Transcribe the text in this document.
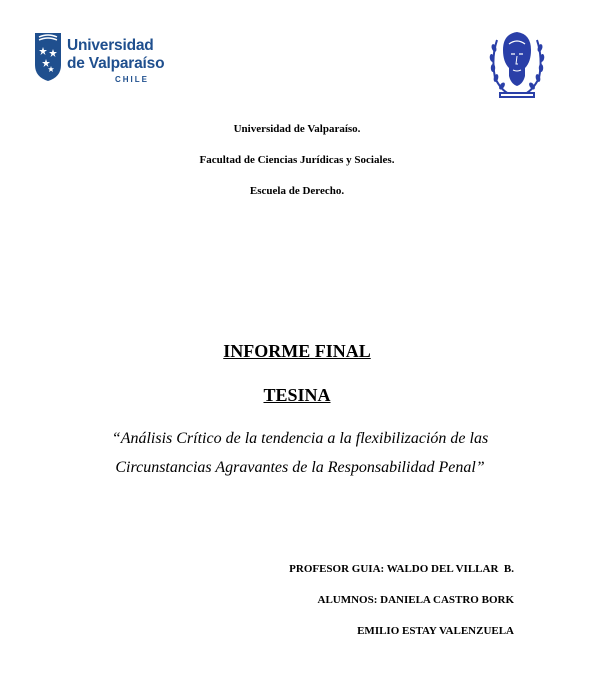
Universidad
de Valparaíso
CHILE
Universidad de Valparaíso.
Facultad de Ciencias Jurídicas y Sociales.
Escuela de Derecho.
INFORME FINAL
TESINA
“Análisis Crítico de la tendencia a la flexibilización de las
Circunstancias Agravantes de la Responsabilidad Penal”
PROFESOR GUIA: WALDO DEL VILLAR  B.
ALUMNOS: DANIELA CASTRO BORK
EMILIO ESTAY VALENZUELA
